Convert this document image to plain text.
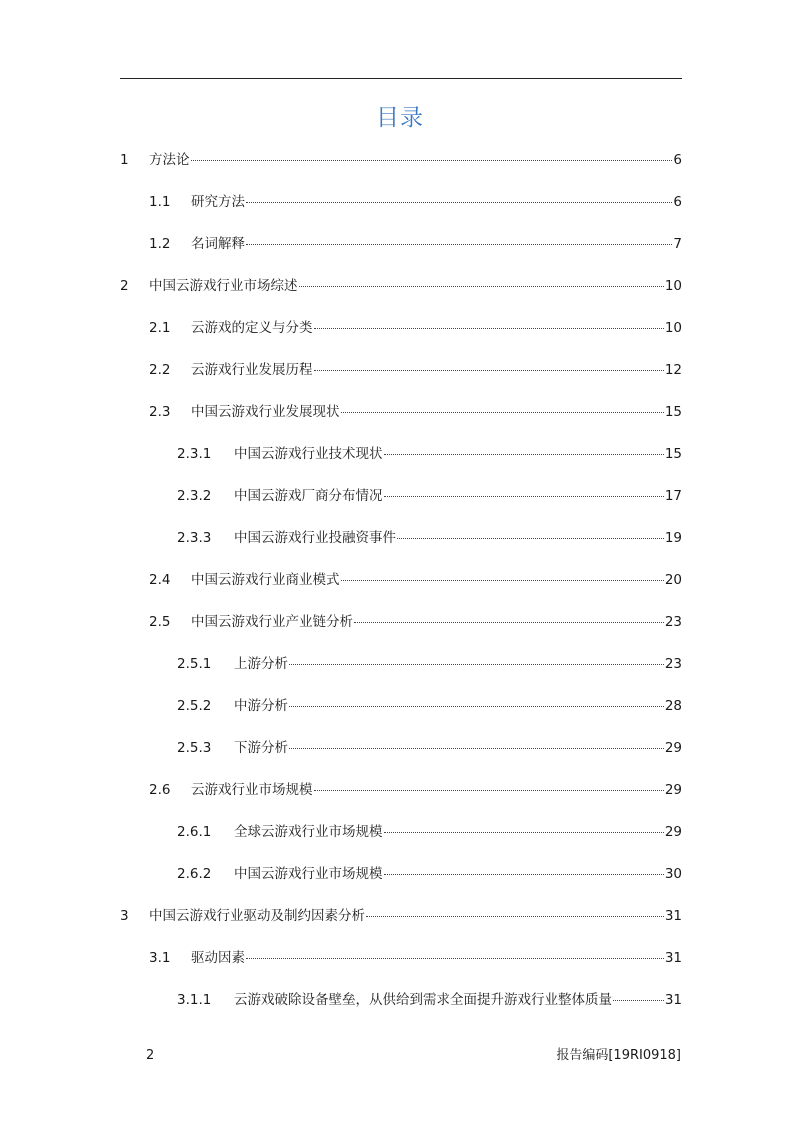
目录
1	方法论	6
1.1	研究方法	6
1.2	名词解释	7
2	中国云游戏行业市场综述	10
2.1	云游戏的定义与分类	10
2.2	云游戏行业发展历程	12
2.3	中国云游戏行业发展现状	15
2.3.1	中国云游戏行业技术现状	15
2.3.2	中国云游戏厂商分布情况	17
2.3.3	中国云游戏行业投融资事件	19
2.4	中国云游戏行业商业模式	20
2.5	中国云游戏行业产业链分析	23
2.5.1	上游分析	23
2.5.2	中游分析	28
2.5.3	下游分析	29
2.6	云游戏行业市场规模	29
2.6.1	全球云游戏行业市场规模	29
2.6.2	中国云游戏行业市场规模	30
3	中国云游戏行业驱动及制约因素分析	31
3.1	驱动因素	31
3.1.1	云游戏破除设备壁垒，从供给到需求全面提升游戏行业整体质量	31
2	报告编码[19RI0918]
